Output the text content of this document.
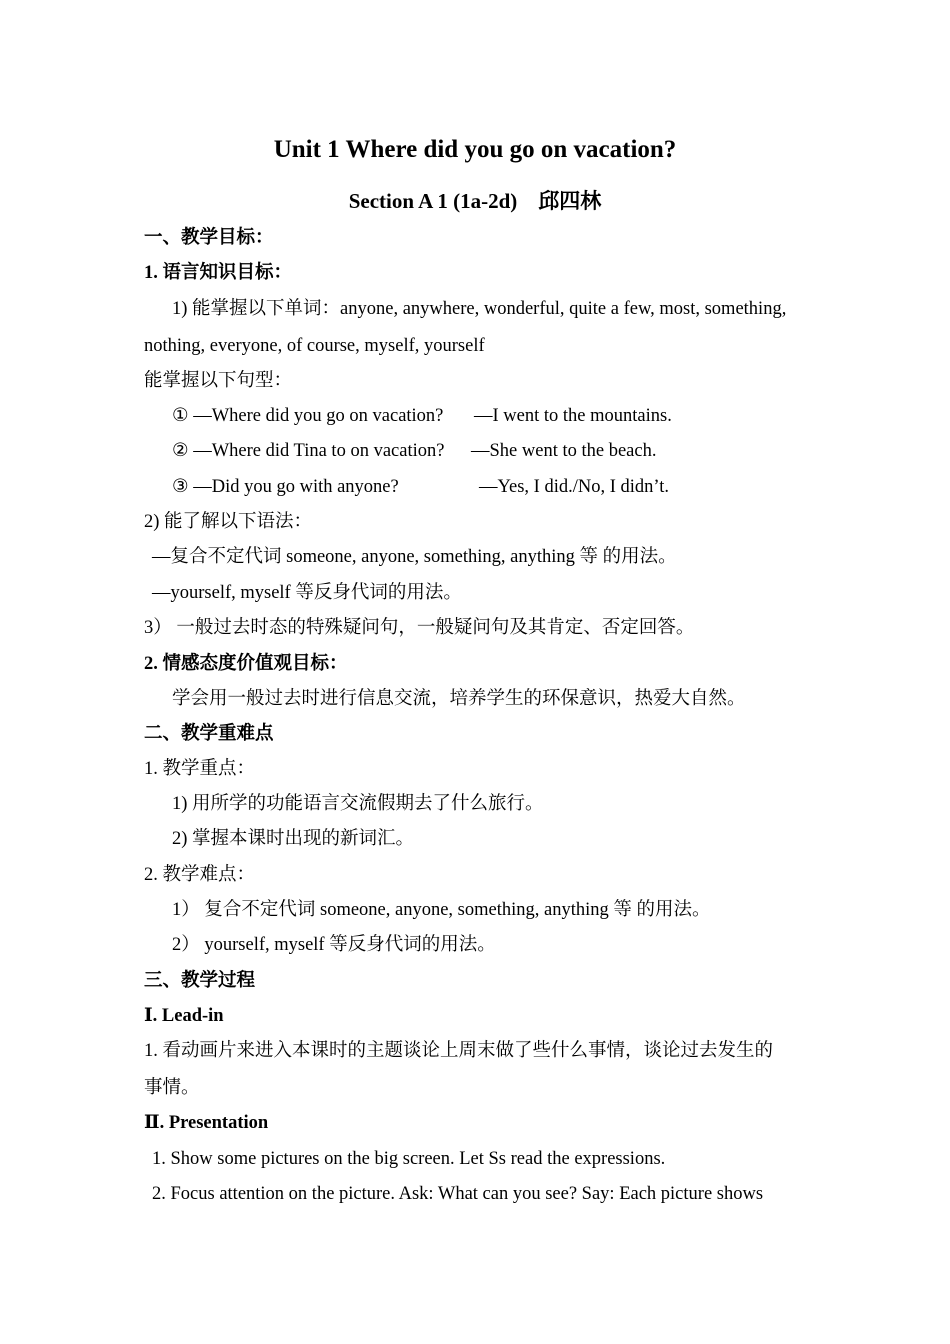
Unit 1 Where did you go on vacation?
Section A 1 (1a-2d)　邱四林
一、教学目标：
1. 语言知识目标：
1) 能掌握以下单词：anyone, anywhere, wonderful, quite a few, most, something,
nothing, everyone, of course, myself, yourself
能掌握以下句型：
① —Where did you go on vacation? —I went to the mountains.
② —Where did Tina to on vacation? —She went to the beach.
③ —Did you go with anyone?	—Yes, I did./No, I didn’t.
2) 能了解以下语法：
—复合不定代词 someone, anyone, something, anything 等 的用法。
—yourself, myself 等反身代词的用法。
3） 一般过去时态的特殊疑问句，一般疑问句及其肯定、否定回答。
2. 情感态度价值观目标：
学会用一般过去时进行信息交流，培养学生的环保意识，热爱大自然。
二、教学重难点
1. 教学重点：
1) 用所学的功能语言交流假期去了什么旅行。
2) 掌握本课时出现的新词汇。
2. 教学难点：
1） 复合不定代词 someone, anyone, something, anything 等 的用法。
2） yourself, myself 等反身代词的用法。
三、教学过程
Ⅰ. Lead-in
1. 看动画片来进入本课时的主题谈论上周末做了些什么事情，谈论过去发生的
事情。
Ⅱ. Presentation
1. Show some pictures on the big screen. Let Ss read the expressions.
2. Focus attention on the picture. Ask: What can you see? Say: Each picture shows
